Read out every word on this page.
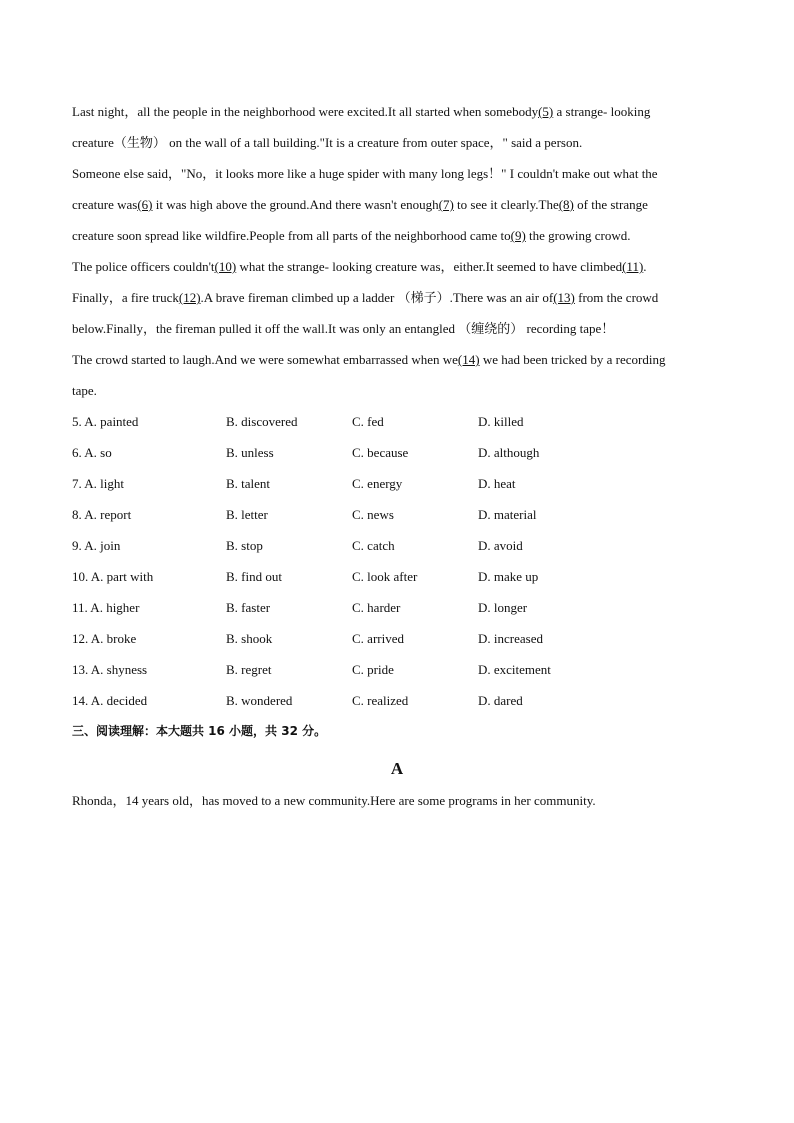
Last night，all the people in the neighborhood were excited.It all started when somebody(5) a strange- looking
creature（生物） on the wall of a tall building."It is a creature from outer space，" said a person.
Someone else said，"No，it looks more like a huge spider with many long legs！" I couldn't make out what the
creature was(6) it was high above the ground.And there wasn't enough(7) to see it clearly.The(8) of the strange
creature soon spread like wildfire.People from all parts of the neighborhood came to(9) the growing crowd.
The police officers couldn't(10) what the strange- looking creature was，either.It seemed to have climbed(11).
Finally，a fire truck(12).A brave fireman climbed up a ladder （梯子）.There was an air of(13) from the crowd
below.Finally，the fireman pulled it off the wall.It was only an entangled （缠绕的） recording tape！
The crowd started to laugh.And we were somewhat embarrassed when we(14) we had been tricked by a recording
tape.
5. A. painted	B. discovered	C. fed	D. killed
6. A. so	B. unless	C. because	D. although
7. A. light	B. talent	C. energy	D. heat
8. A. report	B. letter	C. news	D. material
9. A. join	B. stop	C. catch	D. avoid
10. A. part with	B. find out	C. look after	D. make up
11. A. higher	B. faster	C. harder	D. longer
12. A. broke	B. shook	C. arrived	D. increased
13. A. shyness	B. regret	C. pride	D. excitement
14. A. decided	B. wondered	C. realized	D. dared
三、阅读理解：本大题共 16 小题，共 32 分。
A
Rhonda，14 years old，has moved to a new community.Here are some programs in her community.
